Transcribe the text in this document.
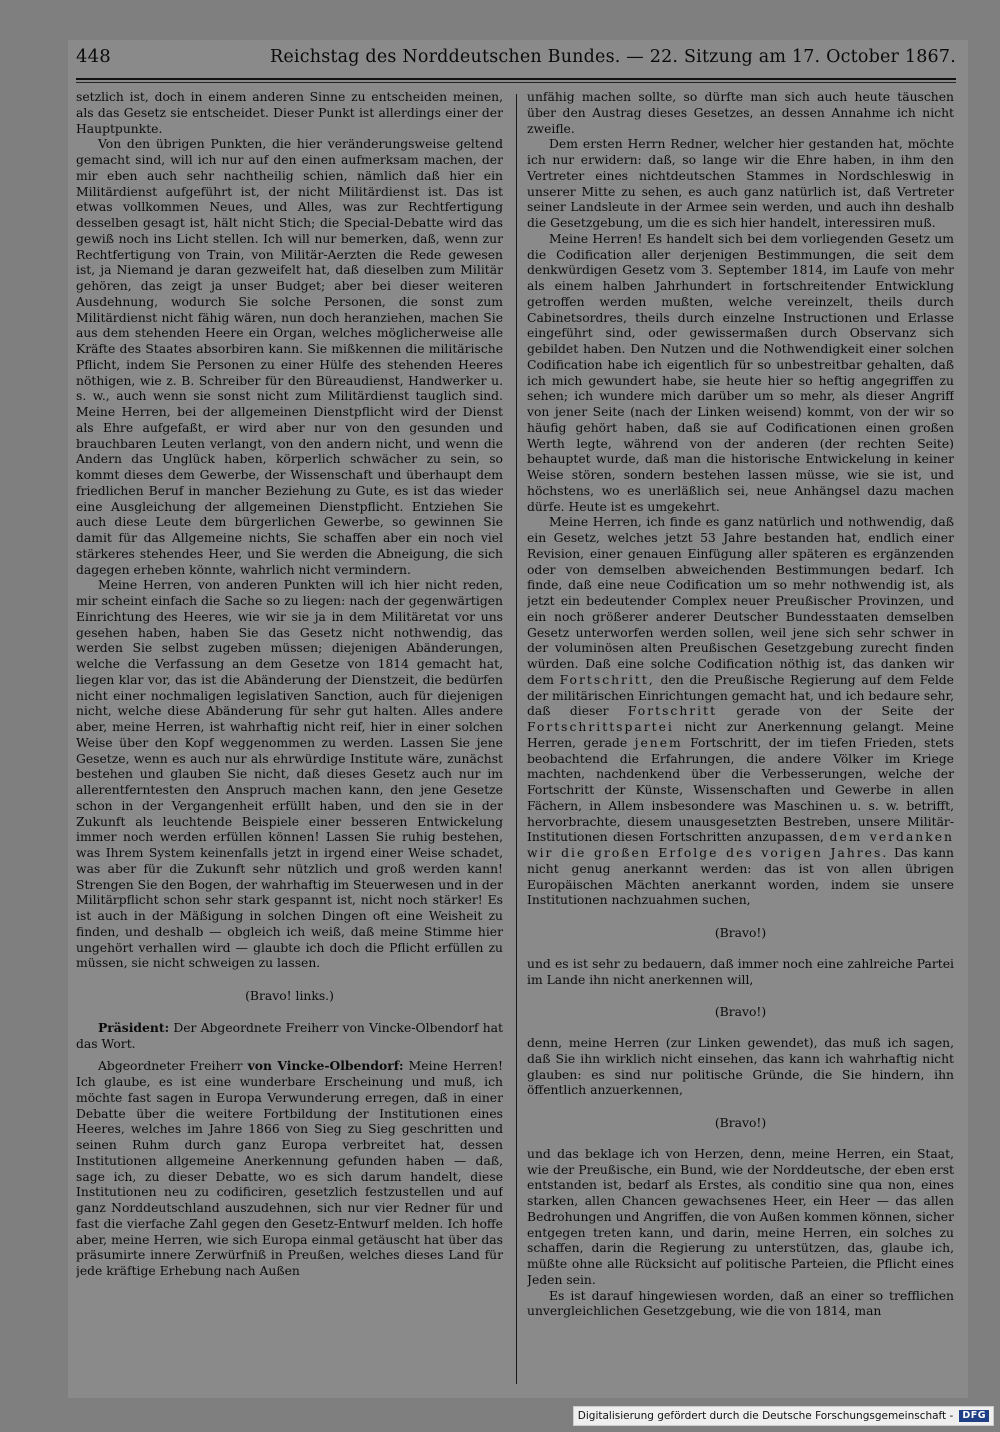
448	Reichstag des Norddeutschen Bundes. — 22. Sitzung am 17. October 1867.

setzlich ist, doch in einem anderen Sinne zu entscheiden meinen, als das Gesetz sie entscheidet. Dieser Punkt ist allerdings einer der Hauptpunkte.

Von den übrigen Punkten, die hier veränderungsweise geltend gemacht sind, will ich nur auf den einen aufmerksam machen, der mir eben auch sehr nachtheilig schien, nämlich daß hier ein Militärdienst aufgeführt ist, der nicht Militärdienst ist. Das ist etwas vollkommen Neues, und Alles, was zur Rechtfertigung desselben gesagt ist, hält nicht Stich; die Special-Debatte wird das gewiß noch ins Licht stellen. Ich will nur bemerken, daß, wenn zur Rechtfertigung von Train, von Militär-Aerzten die Rede gewesen ist, ja Niemand je daran gezweifelt hat, daß dieselben zum Militär gehören, das zeigt ja unser Budget; aber bei dieser weiteren Ausdehnung, wodurch Sie solche Personen, die sonst zum Militärdienst nicht fähig wären, nun doch heranziehen, machen Sie aus dem stehenden Heere ein Organ, welches möglicherweise alle Kräfte des Staates absorbiren kann. Sie mißkennen die militärische Pflicht, indem Sie Personen zu einer Hülfe des stehenden Heeres nöthigen, wie z. B. Schreiber für den Büreaudienst, Handwerker u. s. w., auch wenn sie sonst nicht zum Militärdienst tauglich sind. Meine Herren, bei der allgemeinen Dienstpflicht wird der Dienst als Ehre aufgefaßt, er wird aber nur von den gesunden und brauchbaren Leuten verlangt, von den andern nicht, und wenn die Andern das Unglück haben, körperlich schwächer zu sein, so kommt dieses dem Gewerbe, der Wissenschaft und überhaupt dem friedlichen Beruf in mancher Beziehung zu Gute, es ist das wieder eine Ausgleichung der allgemeinen Dienstpflicht. Entziehen Sie auch diese Leute dem bürgerlichen Gewerbe, so gewinnen Sie damit für das Allgemeine nichts, Sie schaffen aber ein noch viel stärkeres stehendes Heer, und Sie werden die Abneigung, die sich dagegen erheben könnte, wahrlich nicht vermindern.

Meine Herren, von anderen Punkten will ich hier nicht reden, mir scheint einfach die Sache so zu liegen: nach der gegenwärtigen Einrichtung des Heeres, wie wir sie ja in dem Militäretat vor uns gesehen haben, haben Sie das Gesetz nicht nothwendig, das werden Sie selbst zugeben müssen; diejenigen Abänderungen, welche die Verfassung an dem Gesetze von 1814 gemacht hat, liegen klar vor, das ist die Abänderung der Dienstzeit, die bedürfen nicht einer nochmaligen legislativen Sanction, auch für diejenigen nicht, welche diese Abänderung für sehr gut halten. Alles andere aber, meine Herren, ist wahrhaftig nicht reif, hier in einer solchen Weise über den Kopf weggenommen zu werden. Lassen Sie jene Gesetze, wenn es auch nur als ehrwürdige Institute wäre, zunächst bestehen und glauben Sie nicht, daß dieses Gesetz auch nur im allerentferntesten den Anspruch machen kann, den jene Gesetze schon in der Vergangenheit erfüllt haben, und den sie in der Zukunft als leuchtende Beispiele einer besseren Entwickelung immer noch werden erfüllen können! Lassen Sie ruhig bestehen, was Ihrem System keinenfalls jetzt in irgend einer Weise schadet, was aber für die Zukunft sehr nützlich und groß werden kann! Strengen Sie den Bogen, der wahrhaftig im Steuerwesen und in der Militärpflicht schon sehr stark gespannt ist, nicht noch stärker! Es ist auch in der Mäßigung in solchen Dingen oft eine Weisheit zu finden, und deshalb — obgleich ich weiß, daß meine Stimme hier ungehört verhallen wird — glaubte ich doch die Pflicht erfüllen zu müssen, sie nicht schweigen zu lassen.

(Bravo! links.)

Präsident: Der Abgeordnete Freiherr von Vincke-Olbendorf hat das Wort.

Abgeordneter Freiherr von Vincke-Olbendorf: Meine Herren! Ich glaube, es ist eine wunderbare Erscheinung und muß, ich möchte fast sagen in Europa Verwunderung erregen, daß in einer Debatte über die weitere Fortbildung der Institutionen eines Heeres, welches im Jahre 1866 von Sieg zu Sieg geschritten und seinen Ruhm durch ganz Europa verbreitet hat, dessen Institutionen allgemeine Anerkennung gefunden haben — daß, sage ich, zu dieser Debatte, wo es sich darum handelt, diese Institutionen neu zu codificiren, gesetzlich festzustellen und auf ganz Norddeutschland auszudehnen, sich nur vier Redner für und fast die vierfache Zahl gegen den Gesetz-Entwurf melden. Ich hoffe aber, meine Herren, wie sich Europa einmal getäuscht hat über das präsumirte innere Zerwürfniß in Preußen, welches dieses Land für jede kräftige Erhebung nach Außen

unfähig machen sollte, so dürfte man sich auch heute täuschen über den Austrag dieses Gesetzes, an dessen Annahme ich nicht zweifle.

Dem ersten Herrn Redner, welcher hier gestanden hat, möchte ich nur erwidern: daß, so lange wir die Ehre haben, in ihm den Vertreter eines nichtdeutschen Stammes in Nordschleswig in unserer Mitte zu sehen, es auch ganz natürlich ist, daß Vertreter seiner Landsleute in der Armee sein werden, und auch ihn deshalb die Gesetzgebung, um die es sich hier handelt, interessiren muß.

Meine Herren! Es handelt sich bei dem vorliegenden Gesetz um die Codification aller derjenigen Bestimmungen, die seit dem denkwürdigen Gesetz vom 3. September 1814, im Laufe von mehr als einem halben Jahrhundert in fortschreitender Entwicklung getroffen werden mußten, welche vereinzelt, theils durch Cabinetsordres, theils durch einzelne Instructionen und Erlasse eingeführt sind, oder gewissermaßen durch Observanz sich gebildet haben. Den Nutzen und die Nothwendigkeit einer solchen Codification habe ich eigentlich für so unbestreitbar gehalten, daß ich mich gewundert habe, sie heute hier so heftig angegriffen zu sehen; ich wundere mich darüber um so mehr, als dieser Angriff von jener Seite (nach der Linken weisend) kommt, von der wir so häufig gehört haben, daß sie auf Codificationen einen großen Werth legte, während von der anderen (der rechten Seite) behauptet wurde, daß man die historische Entwickelung in keiner Weise stören, sondern bestehen lassen müsse, wie sie ist, und höchstens, wo es unerläßlich sei, neue Anhängsel dazu machen dürfe. Heute ist es umgekehrt.

Meine Herren, ich finde es ganz natürlich und nothwendig, daß ein Gesetz, welches jetzt 53 Jahre bestanden hat, endlich einer Revision, einer genauen Einfügung aller späteren es ergänzenden oder von demselben abweichenden Bestimmungen bedarf. Ich finde, daß eine neue Codification um so mehr nothwendig ist, als jetzt ein bedeutender Complex neuer Preußischer Provinzen, und ein noch größerer anderer Deutscher Bundesstaaten demselben Gesetz unterworfen werden sollen, weil jene sich sehr schwer in der voluminösen alten Preußischen Gesetzgebung zurecht finden würden. Daß eine solche Codification nöthig ist, das danken wir dem Fortschritt, den die Preußische Regierung auf dem Felde der militärischen Einrichtungen gemacht hat, und ich bedaure sehr, daß dieser Fortschritt gerade von der Seite der Fortschrittspartei nicht zur Anerkennung gelangt. Meine Herren, gerade jenem Fortschritt, der im tiefen Frieden, stets beobachtend die Erfahrungen, die andere Völker im Kriege machten, nachdenkend über die Verbesserungen, welche der Fortschritt der Künste, Wissenschaften und Gewerbe in allen Fächern, in Allem insbesondere was Maschinen u. s. w. betrifft, hervorbrachte, diesem unausgesetzten Bestreben, unsere Militär-Institutionen diesen Fortschritten anzupassen, dem verdanken wir die großen Erfolge des vorigen Jahres. Das kann nicht genug anerkannt werden: das ist von allen übrigen Europäischen Mächten anerkannt worden, indem sie unsere Institutionen nachzuahmen suchen,

(Bravo!)

und es ist sehr zu bedauern, daß immer noch eine zahlreiche Partei im Lande ihn nicht anerkennen will,

(Bravo!)

denn, meine Herren (zur Linken gewendet), das muß ich sagen, daß Sie ihn wirklich nicht einsehen, das kann ich wahrhaftig nicht glauben: es sind nur politische Gründe, die Sie hindern, ihn öffentlich anzuerkennen,

(Bravo!)

und das beklage ich von Herzen, denn, meine Herren, ein Staat, wie der Preußische, ein Bund, wie der Norddeutsche, der eben erst entstanden ist, bedarf als Erstes, als conditio sine qua non, eines starken, allen Chancen gewachsenes Heer, ein Heer — das allen Bedrohungen und Angriffen, die von Außen kommen können, sicher entgegen treten kann, und darin, meine Herren, ein solches zu schaffen, darin die Regierung zu unterstützen, das, glaube ich, müßte ohne alle Rücksicht auf politische Parteien, die Pflicht eines Jeden sein.

Es ist darauf hingewiesen worden, daß an einer so trefflichen unvergleichlichen Gesetzgebung, wie die von 1814, man

Digitalisierung gefördert durch die Deutsche Forschungsgemeinschaft - DFG
